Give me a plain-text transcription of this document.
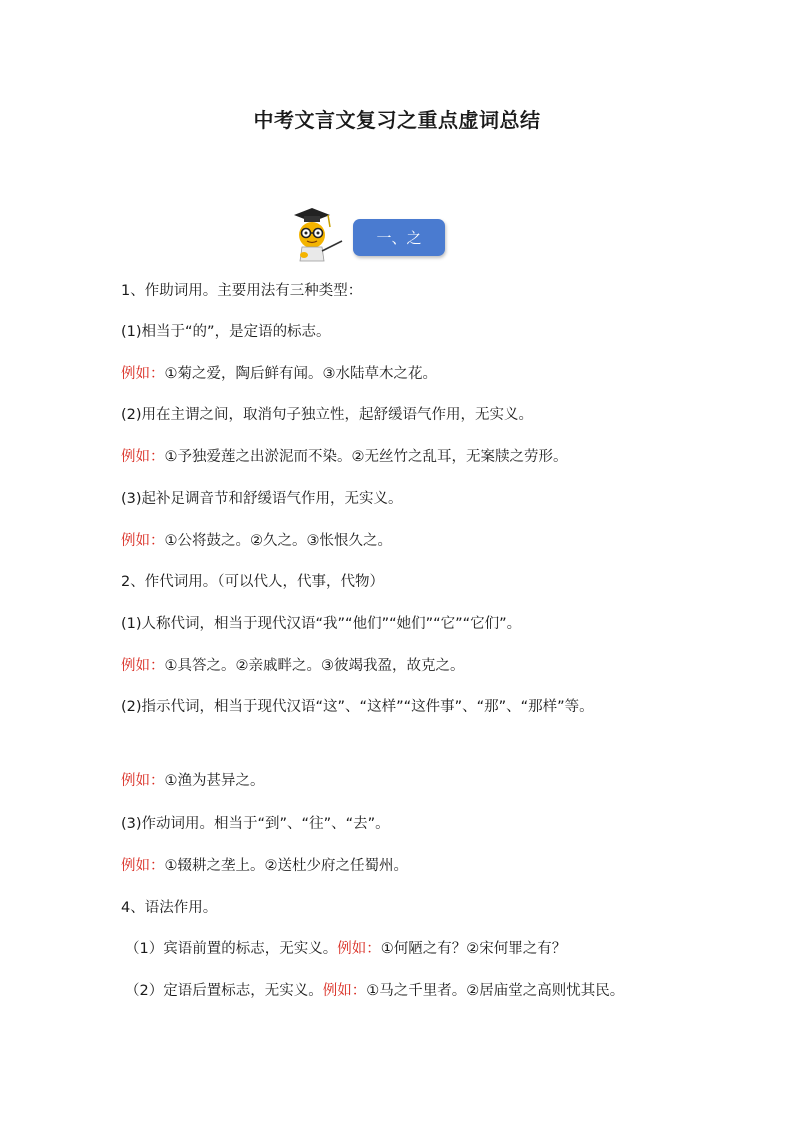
中考文言文复习之重点虚词总结
一、之
1、作助词用。主要用法有三种类型：
(1)相当于“的”，是定语的标志。
例如：①菊之爱，陶后鲜有闻。③水陆草木之花。
(2)用在主谓之间，取消句子独立性，起舒缓语气作用，无实义。
例如：①予独爱莲之出淤泥而不染。②无丝竹之乱耳，无案牍之劳形。
(3)起补足调音节和舒缓语气作用，无实义。
例如：①公将鼓之。②久之。③怅恨久之。
2、作代词用。（可以代人，代事，代物）
(1)人称代词，相当于现代汉语“我”“他们”“她们”“它”“它们”。
例如：①具答之。②亲戚畔之。③彼竭我盈，故克之。
(2)指示代词，相当于现代汉语“这”、“这样”“这件事”、“那”、“那样”等。
例如：①渔为甚异之。
(3)作动词用。相当于“到”、“往”、“去”。
例如：①辍耕之垄上。②送杜少府之任蜀州。
4、语法作用。
（1）宾语前置的标志，无实义。例如：①何陋之有？②宋何罪之有？
（2）定语后置标志，无实义。例如：①马之千里者。②居庙堂之高则忧其民。
